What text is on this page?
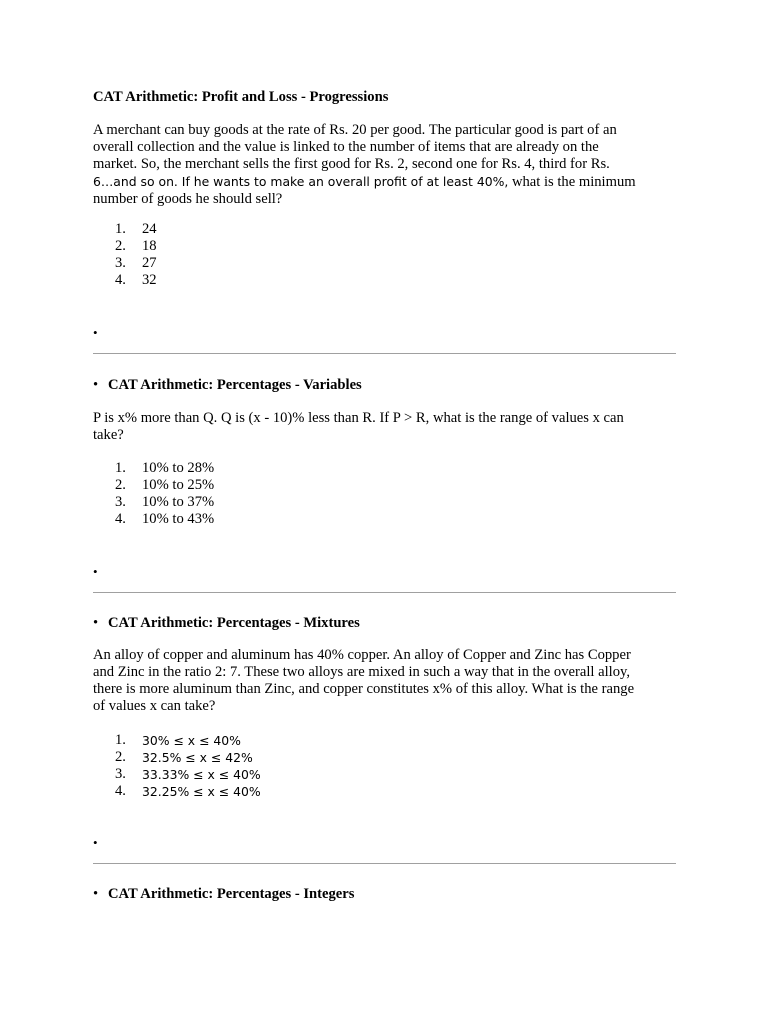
CAT Arithmetic: Profit and Loss - Progressions

A merchant can buy goods at the rate of Rs. 20 per good. The particular good is part of an

overall collection and the value is linked to the number of items that are already on the

market. So, the merchant sells the first good for Rs. 2, second one for Rs. 4, third for Rs.

6…and so on. If he wants to make an overall profit of at least 40%, what is the minimum

number of goods he should sell?

1.	24
2.	18
3.	27
4.	32
•
• CAT Arithmetic: Percentages - Variables

P is x% more than Q. Q is (x - 10)% less than R. If P > R, what is the range of values x can

take?

1.	10% to 28%
2.	10% to 25%
3.	10% to 37%
4.	10% to 43%
•
• CAT Arithmetic: Percentages - Mixtures

An alloy of copper and aluminum has 40% copper. An alloy of Copper and Zinc has Copper

and Zinc in the ratio 2: 7. These two alloys are mixed in such a way that in the overall alloy,

there is more aluminum than Zinc, and copper constitutes x% of this alloy. What is the range

of values x can take?

1.	30% ≤ x ≤ 40%
2.	32.5% ≤ x ≤ 42%
3.	33.33% ≤ x ≤ 40%
4.	32.25% ≤ x ≤ 40%
•
• CAT Arithmetic: Percentages - Integers
